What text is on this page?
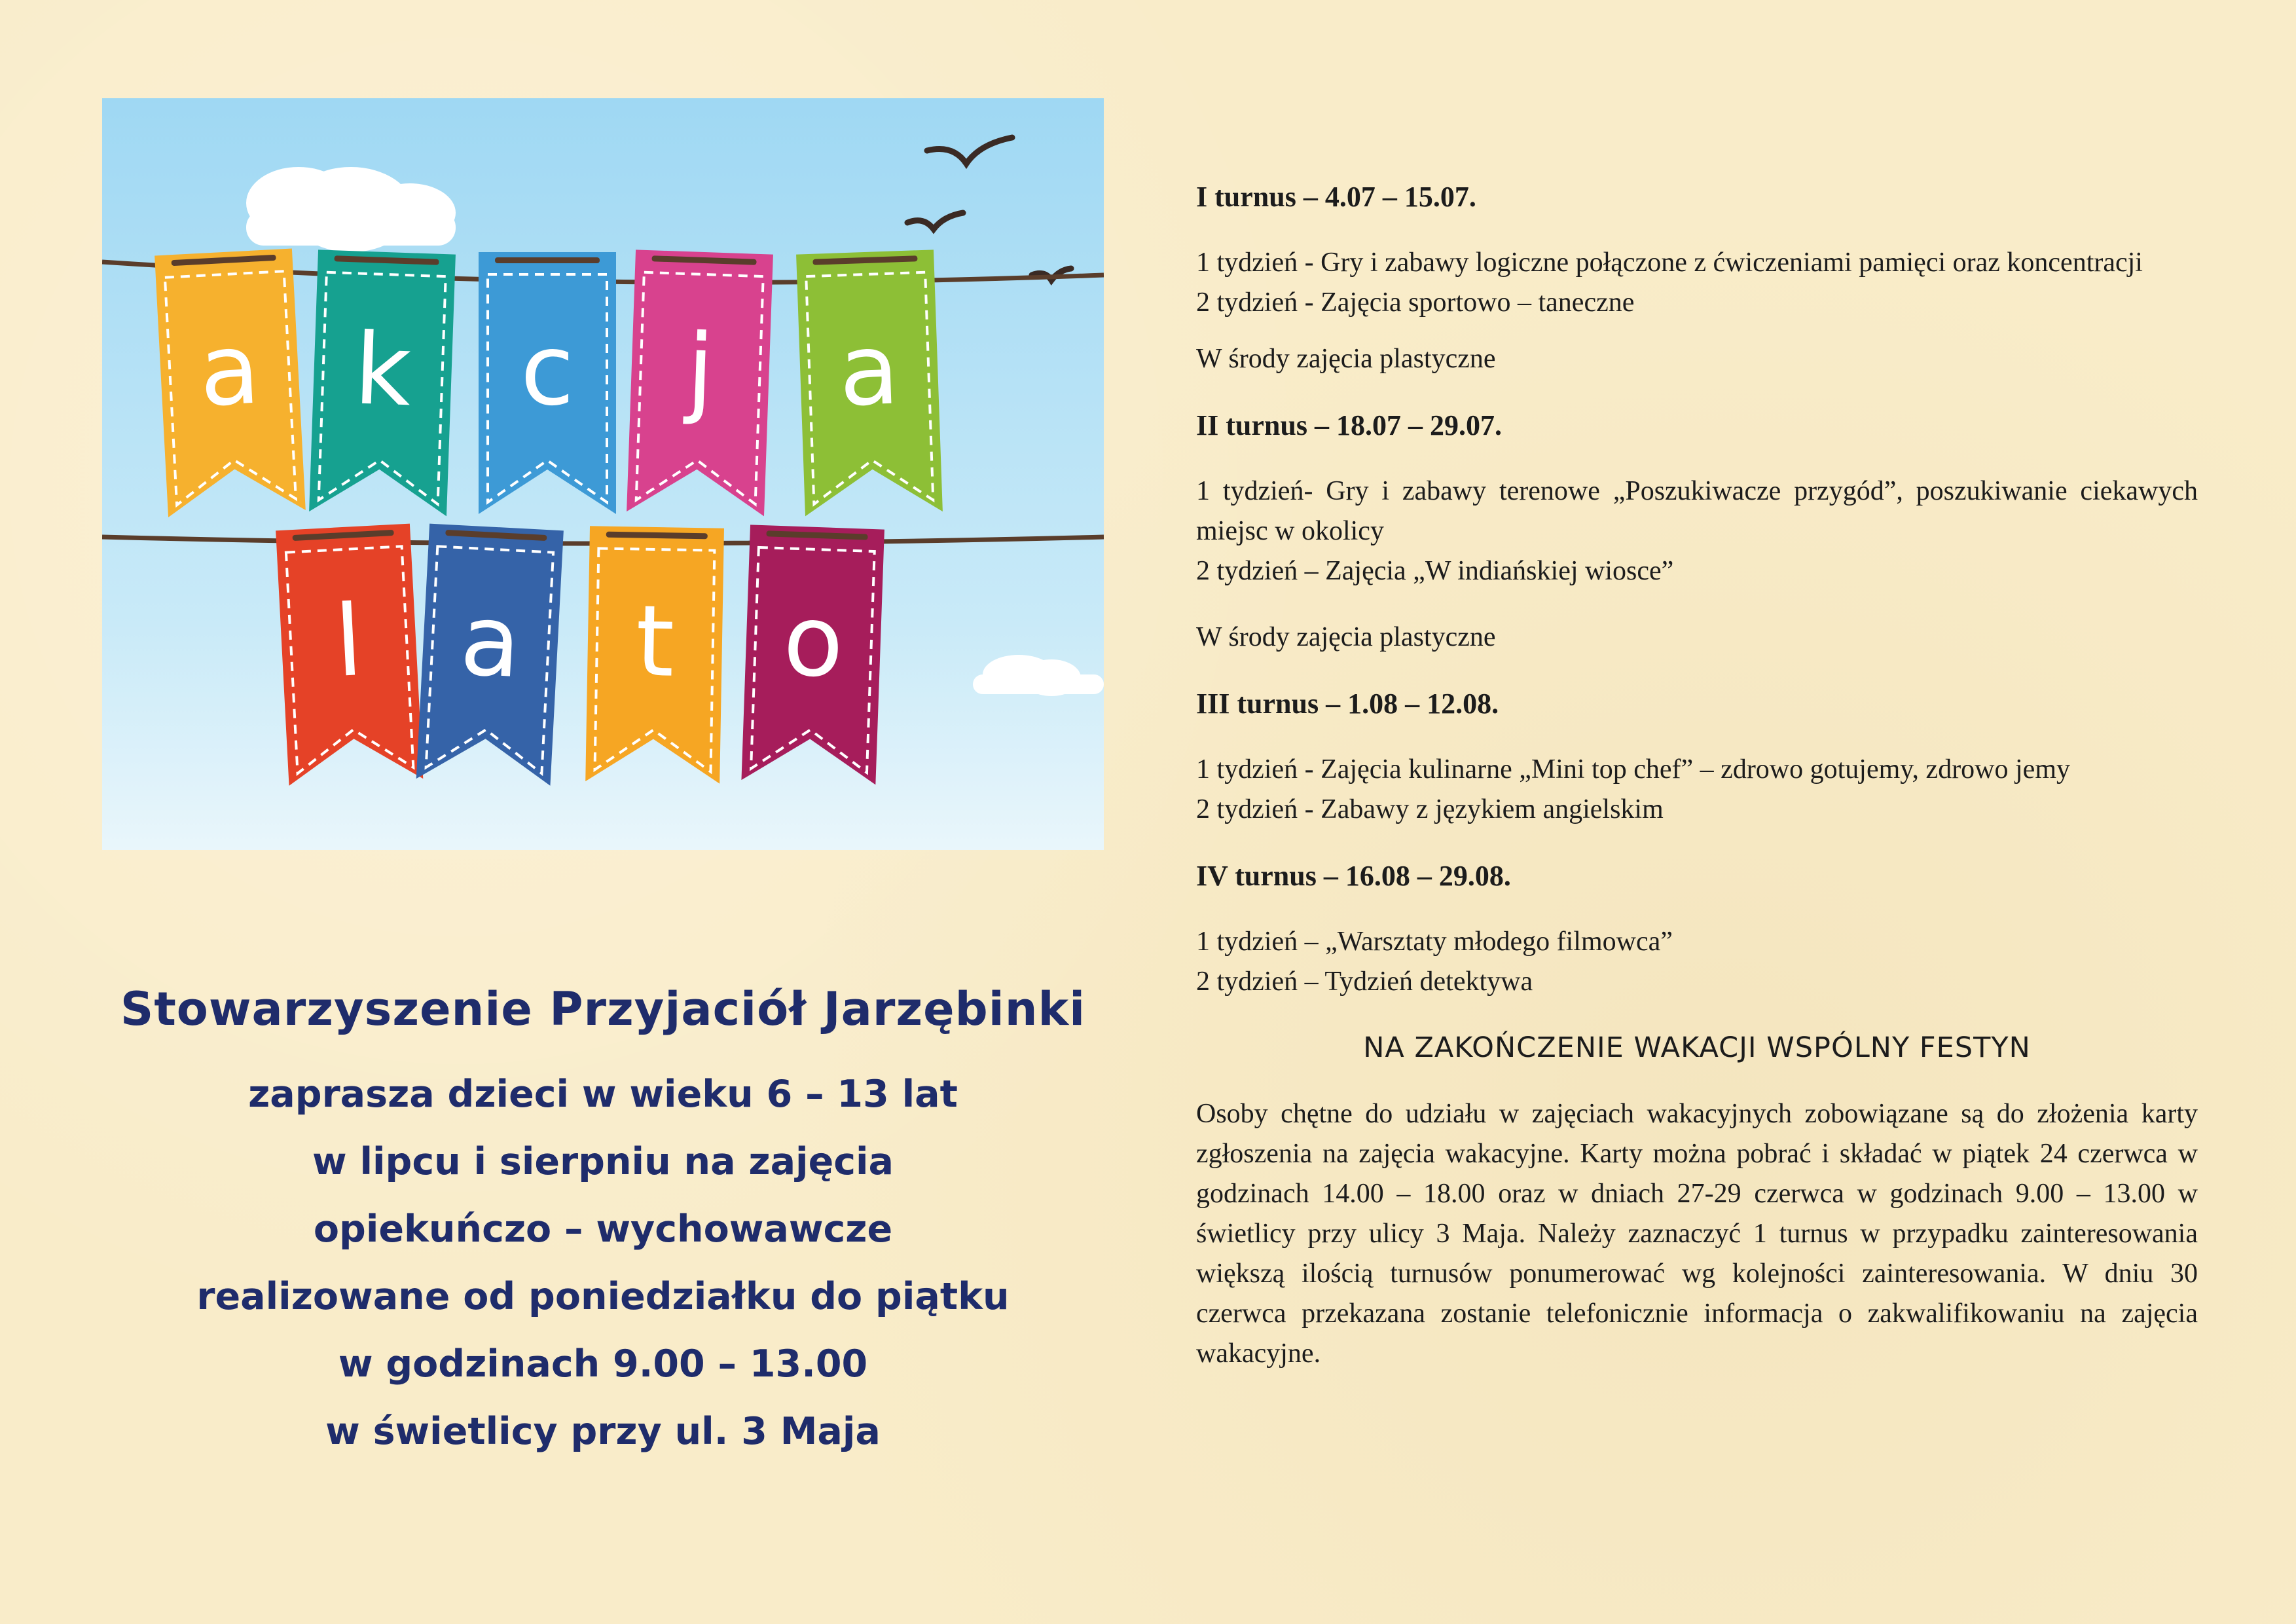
a k c j a
l a t o

Stowarzyszenie Przyjaciół Jarzębinki

zaprasza dzieci w wieku 6 – 13 lat

w lipcu i sierpniu na zajęcia

opiekuńczo – wychowawcze

realizowane od poniedziałku do piątku

w godzinach 9.00 – 13.00

w świetlicy przy ul. 3 Maja

I turnus – 4.07 – 15.07.

1 tydzień - Gry i zabawy logiczne połączone z ćwiczeniami pamięci oraz koncentracji

2 tydzień - Zajęcia sportowo – taneczne

W środy zajęcia plastyczne

II turnus – 18.07 – 29.07.

1 tydzień- Gry i zabawy terenowe „Poszukiwacze przygód”, poszukiwanie ciekawych miejsc w okolicy

2 tydzień – Zajęcia „W indiańskiej wiosce”

W środy zajęcia plastyczne

III turnus – 1.08 – 12.08.

1 tydzień - Zajęcia kulinarne „Mini top chef” – zdrowo gotujemy, zdrowo jemy

2 tydzień - Zabawy z językiem angielskim

IV turnus – 16.08 – 29.08.

1 tydzień – „Warsztaty młodego filmowca”

2 tydzień – Tydzień detektywa

NA ZAKOŃCZENIE WAKACJI WSPÓLNY FESTYN

Osoby chętne do udziału w zajęciach wakacyjnych zobowiązane są do złożenia karty zgłoszenia na zajęcia wakacyjne. Karty można pobrać i składać w piątek 24 czerwca w godzinach 14.00 – 18.00 oraz w dniach 27-29 czerwca w godzinach 9.00 – 13.00 w świetlicy przy ulicy 3 Maja. Należy zaznaczyć 1 turnus w przypadku zainteresowania większą ilością turnusów ponumerować wg kolejności zainteresowania. W dniu 30 czerwca przekazana zostanie telefonicznie informacja o zakwalifikowaniu na zajęcia wakacyjne.
